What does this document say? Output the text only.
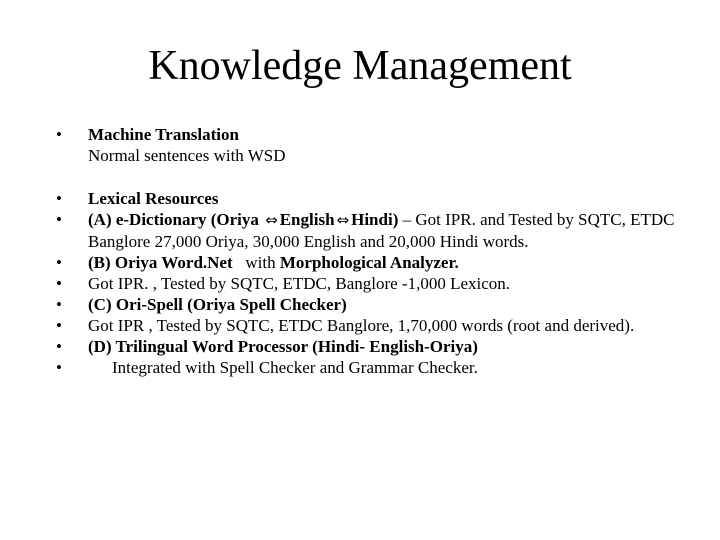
Knowledge Management
•	Machine Translation
Normal sentences with WSD
•	Lexical Resources
•	(A) e-Dictionary (Oriya ⇔ English ⇔ Hindi) – Got IPR. and Tested by SQTC, ETDC Banglore 27,000 Oriya, 30,000 English and 20,000 Hindi words.
•	(B) Oriya Word.Net   with Morphological Analyzer.
•	Got IPR. , Tested by SQTC, ETDC, Banglore -1,000 Lexicon.
•	(C) Ori-Spell (Oriya Spell Checker)
•	Got IPR , Tested by SQTC, ETDC Banglore, 1,70,000 words (root and derived).
•	(D) Trilingual Word Processor (Hindi- English-Oriya)
•	Integrated with Spell Checker and Grammar Checker.
